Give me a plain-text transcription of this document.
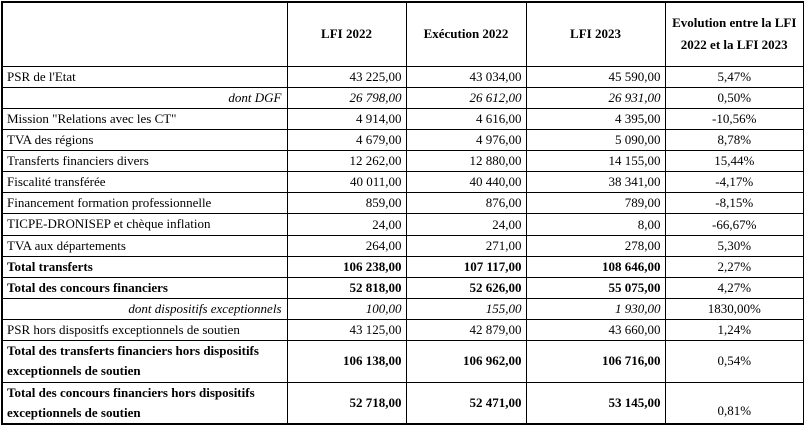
	LFI 2022	Exécution 2022	LFI 2023	Evolution entre la LFI 2022 et la LFI 2023
PSR de l'Etat	43 225,00	43 034,00	45 590,00	5,47%
dont DGF	26 798,00	26 612,00	26 931,00	0,50%
Mission "Relations avec les CT"	4 914,00	4 616,00	4 395,00	-10,56%
TVA des régions	4 679,00	4 976,00	5 090,00	8,78%
Transferts financiers divers	12 262,00	12 880,00	14 155,00	15,44%
Fiscalité transférée	40 011,00	40 440,00	38 341,00	-4,17%
Financement formation professionnelle	859,00	876,00	789,00	-8,15%
TICPE-DRONISEP et chèque inflation	24,00	24,00	8,00	-66,67%
TVA aux départements	264,00	271,00	278,00	5,30%
Total transferts	106 238,00	107 117,00	108 646,00	2,27%
Total des concours financiers	52 818,00	52 626,00	55 075,00	4,27%
dont dispositifs exceptionnels	100,00	155,00	1 930,00	1830,00%
PSR hors dispositfs exceptionnels de soutien	43 125,00	42 879,00	43 660,00	1,24%
Total des transferts financiers hors dispositifs exceptionnels de soutien	106 138,00	106 962,00	106 716,00	0,54%
Total des concours financiers hors dispositifs exceptionnels de soutien	52 718,00	52 471,00	53 145,00	0,81%
